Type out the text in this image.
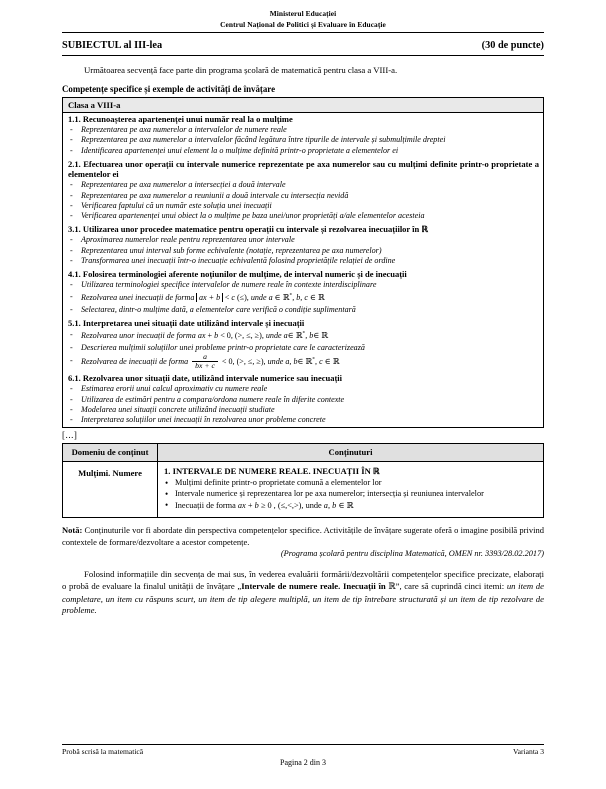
Ministerul Educației
Centrul Național de Politici și Evaluare în Educație
SUBIECTUL al III-lea	(30 de puncte)

Următoarea secvență face parte din programa școlară de matematică pentru clasa a VIII-a.

Competențe specifice și exemple de activități de învățare

Clasa a VIII-a

1.1. Recunoașterea apartenenței unui număr real la o mulțime
- Reprezentarea pe axa numerelor a intervalelor de numere reale
- Reprezentarea pe axa numerelor a intervalelor făcând legătura între tipurile de intervale și submulțimile dreptei
- Identificarea apartenenței unui element la o mulțime definită printr-o proprietate a elementelor ei

2.1. Efectuarea unor operații cu intervale numerice reprezentate pe axa numerelor sau cu mulțimi definite printr-o proprietate a elementelor ei
- Reprezentarea pe axa numerelor a intersecției a două intervale
- Reprezentarea pe axa numerelor a reuniunii a două intervale cu intersecția nevidă
- Verificarea faptului că un număr este soluția unei inecuații
- Verificarea apartenenței unui obiect la o mulțime pe baza unei/unor proprietăți a/ale elementelor acesteia

3.1. Utilizarea unor procedee matematice pentru operații cu intervale și rezolvarea inecuațiilor în ℝ
- Aproximarea numerelor reale pentru reprezentarea unor intervale
- Reprezentarea unui interval sub forme echivalente (notație, reprezentarea pe axa numerelor)
- Transformarea unei inecuații într-o inecuație echivalentă folosind proprietățile relației de ordine

4.1. Folosirea terminologiei aferente noțiunilor de mulțime, de interval numeric și de inecuații
- Utilizarea terminologiei specifice intervalelor de numere reale în contexte interdisciplinare
- Rezolvarea unei inecuații de forma ax + b < c (≤), unde a ∈ ℝ*, b, c ∈ ℝ
- Selectarea, dintr-o mulțime dată, a elementelor care verifică o condiție suplimentară

5.1. Interpretarea unei situații date utilizând intervale și inecuații
- Rezolvarea unor inecuații de forma ax + b < 0, (>, ≤, ≥), unde a∈ ℝ*, b∈ ℝ
- Descrierea mulțimii soluțiilor unei probleme printr-o proprietate care le caracterizează
- Rezolvarea de inecuații de forma $\frac{a}{bx + c} < 0$, (>, ≤, ≥), unde a, b∈ ℝ*, c ∈ ℝ

6.1. Rezolvarea unor situații date, utilizând intervale numerice sau inecuații
- Estimarea erorii unui calcul aproximativ cu numere reale
- Utilizarea de estimări pentru a compara/ordona numere reale în diferite contexte
- Modelarea unei situații concrete utilizând inecuații studiate
- Interpretarea soluțiilor unei inecuații în rezolvarea unor probleme concrete
[...]
Domeniu de conținut	Conținuturi
Mulțimi. Numere	1. INTERVALE DE NUMERE REALE. INECUAȚII ÎN ℝ
• Mulțimi definite printr-o proprietate comună a elementelor lor
• Intervale numerice și reprezentarea lor pe axa numerelor; intersecția și reuniunea intervalelor
• Inecuații de forma ax + b ≥ 0 , (≤,<,>), unde a, b ∈ ℝ

Notă: Conținuturile vor fi abordate din perspectiva competențelor specifice. Activitățile de învățare sugerate oferă o imagine posibilă privind contextele de formare/dezvoltare a acestor competențe.

(Programa școlară pentru disciplina Matematică, OMEN nr. 3393/28.02.2017)

Folosind informațiile din secvența de mai sus, în vederea evaluării formării/dezvoltării competențelor specifice precizate, elaborați o probă de evaluare la finalul unității de învățare „Intervale de numere reale. Inecuații în ℝ”, care să cuprindă cinci itemi: un item de completare, un item cu răspuns scurt, un item de tip alegere multiplă, un item de tip întrebare structurată și un item de tip rezolvare de probleme.

Probă scrisă la matematică	Varianta 3
Pagina 2 din 3
